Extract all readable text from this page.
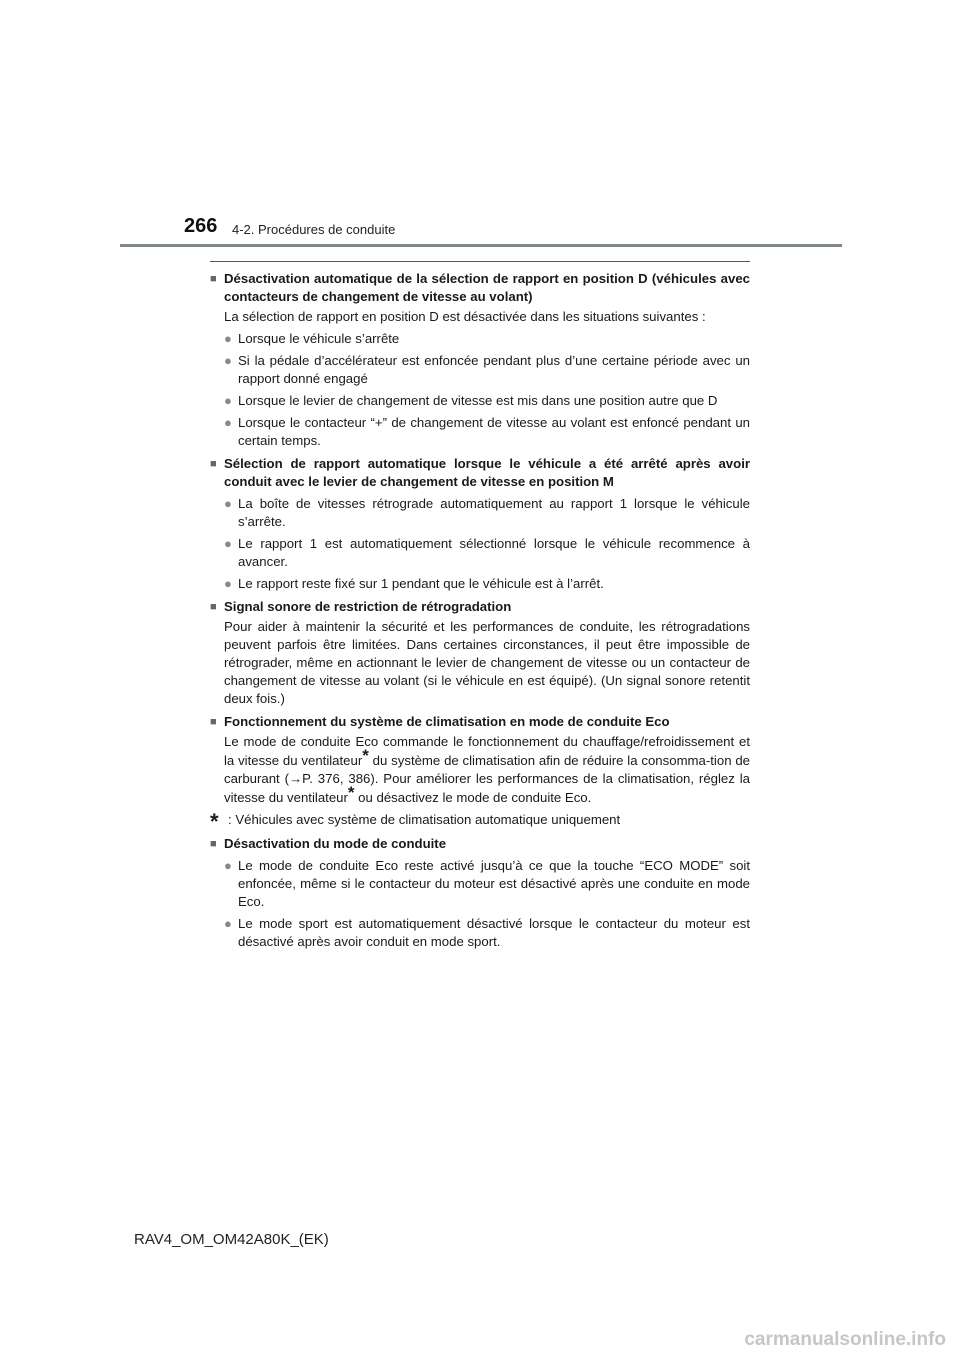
266 4-2. Procédures de conduite
■ Désactivation automatique de la sélection de rapport en position D (véhicules avec contacteurs de changement de vitesse au volant)
La sélection de rapport en position D est désactivée dans les situations suivantes :
● Lorsque le véhicule s’arrête
● Si la pédale d’accélérateur est enfoncée pendant plus d’une certaine période avec un rapport donné engagé
● Lorsque le levier de changement de vitesse est mis dans une position autre que D
● Lorsque le contacteur “+” de changement de vitesse au volant est enfoncé pendant un certain temps.
■ Sélection de rapport automatique lorsque le véhicule a été arrêté après avoir conduit avec le levier de changement de vitesse en position M
● La boîte de vitesses rétrograde automatiquement au rapport 1 lorsque le véhicule s’arrête.
● Le rapport 1 est automatiquement sélectionné lorsque le véhicule recommence à avancer.
● Le rapport reste fixé sur 1 pendant que le véhicule est à l’arrêt.
■ Signal sonore de restriction de rétrogradation
Pour aider à maintenir la sécurité et les performances de conduite, les rétrogradations peuvent parfois être limitées. Dans certaines circonstances, il peut être impossible de rétrograder, même en actionnant le levier de changement de vitesse ou un contacteur de changement de vitesse au volant (si le véhicule en est équipé). (Un signal sonore retentit deux fois.)
■ Fonctionnement du système de climatisation en mode de conduite Eco
Le mode de conduite Eco commande le fonctionnement du chauffage/refroidissement et la vitesse du ventilateur* du système de climatisation afin de réduire la consomma-tion de carburant (→P. 376, 386). Pour améliorer les performances de la climatisation, réglez la vitesse du ventilateur* ou désactivez le mode de conduite Eco.
* : Véhicules avec système de climatisation automatique uniquement
■ Désactivation du mode de conduite
● Le mode de conduite Eco reste activé jusqu’à ce que la touche “ECO MODE” soit enfoncée, même si le contacteur du moteur est désactivé après une conduite en mode Eco.
● Le mode sport est automatiquement désactivé lorsque le contacteur du moteur est désactivé après avoir conduit en mode sport.
RAV4_OM_OM42A80K_(EK)
carmanualsonline.info
